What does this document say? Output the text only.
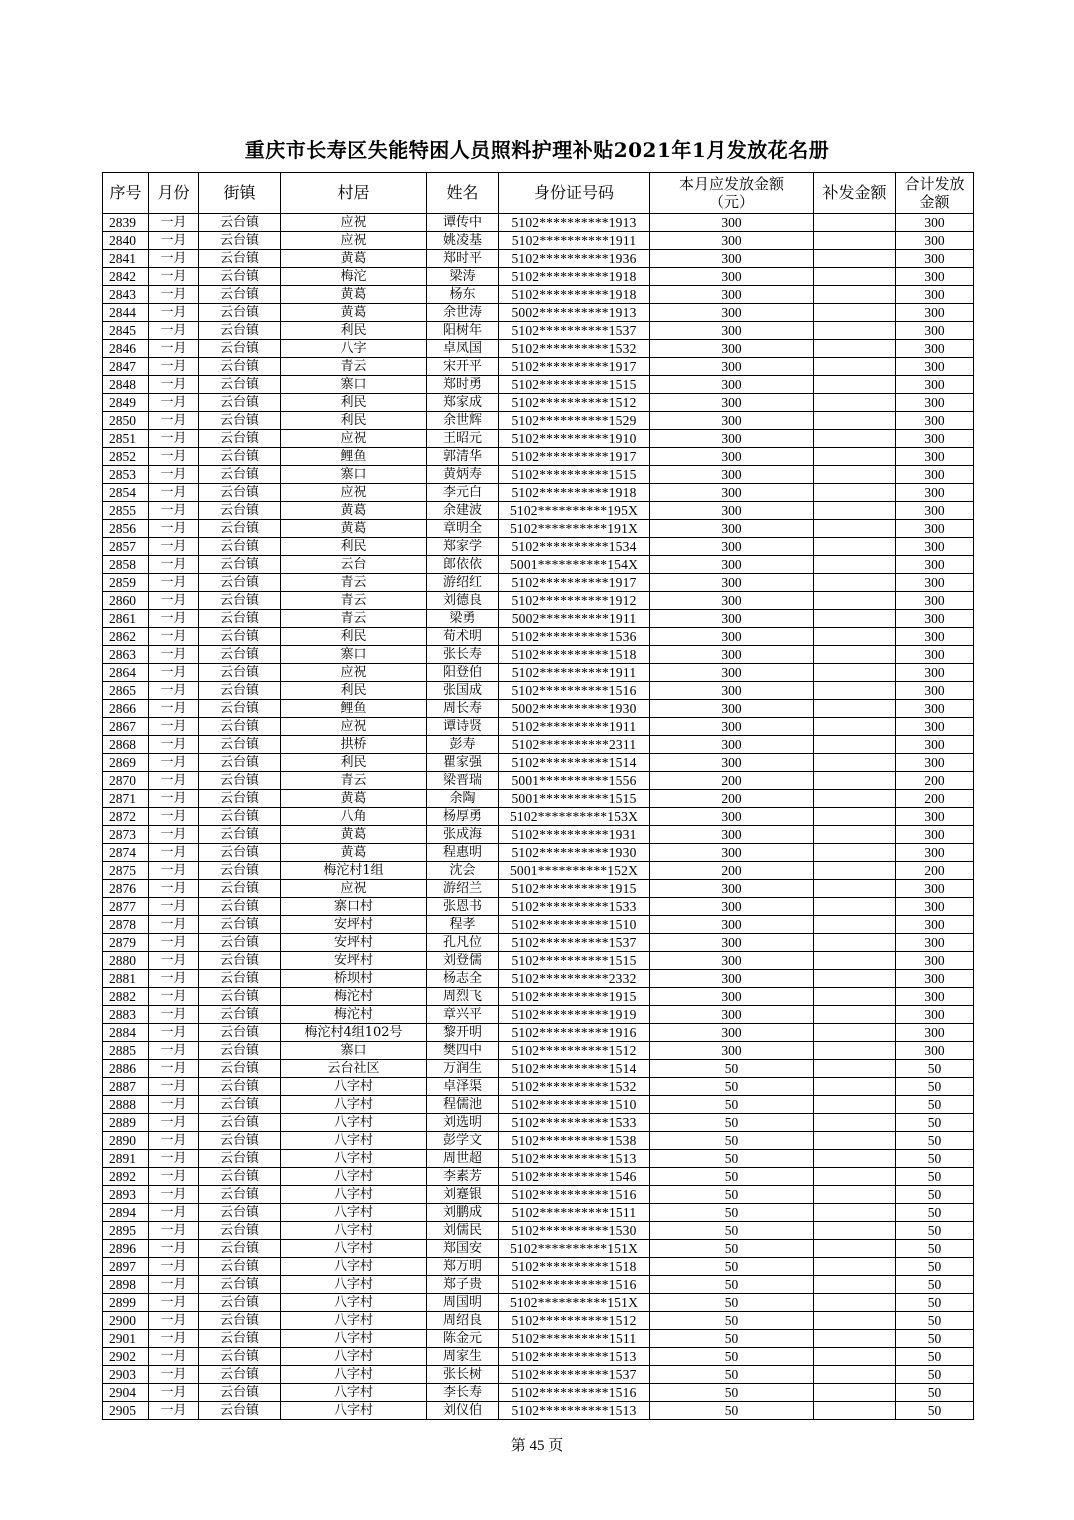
重庆市长寿区失能特困人员照料护理补贴2021年1月发放花名册
序号	月份	街镇	村居	姓名	身份证号码	本月应发放金额（元）	补发金额	合计发放金额
2839	一月	云台镇	应祝	谭传中	5102**********1913	300		300
2840	一月	云台镇	应祝	姚凌基	5102**********1911	300		300
2841	一月	云台镇	黄葛	郑时平	5102**********1936	300		300
2842	一月	云台镇	梅沱	梁涛	5102**********1918	300		300
2843	一月	云台镇	黄葛	杨东	5102**********1918	300		300
2844	一月	云台镇	黄葛	余世涛	5002**********1913	300		300
2845	一月	云台镇	利民	阳树年	5102**********1537	300		300
2846	一月	云台镇	八字	卓凤国	5102**********1532	300		300
2847	一月	云台镇	青云	宋开平	5102**********1917	300		300
2848	一月	云台镇	寨口	郑时勇	5102**********1515	300		300
2849	一月	云台镇	利民	郑家成	5102**********1512	300		300
2850	一月	云台镇	利民	余世辉	5102**********1529	300		300
2851	一月	云台镇	应祝	王昭元	5102**********1910	300		300
2852	一月	云台镇	鲤鱼	郭清华	5102**********1917	300		300
2853	一月	云台镇	寨口	黄炳寿	5102**********1515	300		300
2854	一月	云台镇	应祝	李元白	5102**********1918	300		300
2855	一月	云台镇	黄葛	余建波	5102**********195X	300		300
2856	一月	云台镇	黄葛	章明全	5102**********191X	300		300
2857	一月	云台镇	利民	郑家学	5102**********1534	300		300
2858	一月	云台镇	云台	郎依依	5001**********154X	300		300
2859	一月	云台镇	青云	游绍红	5102**********1917	300		300
2860	一月	云台镇	青云	刘德良	5102**********1912	300		300
2861	一月	云台镇	青云	梁勇	5002**********1911	300		300
2862	一月	云台镇	利民	荀术明	5102**********1536	300		300
2863	一月	云台镇	寨口	张长寿	5102**********1518	300		300
2864	一月	云台镇	应祝	阳登伯	5102**********1911	300		300
2865	一月	云台镇	利民	张国成	5102**********1516	300		300
2866	一月	云台镇	鲤鱼	周长寿	5002**********1930	300		300
2867	一月	云台镇	应祝	谭诗贤	5102**********1911	300		300
2868	一月	云台镇	拱桥	彭寿	5102**********2311	300		300
2869	一月	云台镇	利民	瞿家强	5102**********1514	300		300
2870	一月	云台镇	青云	梁晋瑞	5001**********1556	200		200
2871	一月	云台镇	黄葛	余陶	5001**********1515	200		200
2872	一月	云台镇	八角	杨厚勇	5102**********153X	300		300
2873	一月	云台镇	黄葛	张成海	5102**********1931	300		300
2874	一月	云台镇	黄葛	程惠明	5102**********1930	300		300
2875	一月	云台镇	梅沱村1组	沈会	5001**********152X	200		200
2876	一月	云台镇	应祝	游绍兰	5102**********1915	300		300
2877	一月	云台镇	寨口村	张恩书	5102**********1533	300		300
2878	一月	云台镇	安坪村	程孝	5102**********1510	300		300
2879	一月	云台镇	安坪村	孔凡位	5102**********1537	300		300
2880	一月	云台镇	安坪村	刘登儒	5102**********1515	300		300
2881	一月	云台镇	桥坝村	杨志全	5102**********2332	300		300
2882	一月	云台镇	梅沱村	周烈飞	5102**********1915	300		300
2883	一月	云台镇	梅沱村	章兴平	5102**********1919	300		300
2884	一月	云台镇	梅沱村4组102号	黎开明	5102**********1916	300		300
2885	一月	云台镇	寨口	樊四中	5102**********1512	300		300
2886	一月	云台镇	云台社区	万润生	5102**********1514	50		50
2887	一月	云台镇	八字村	卓泽渠	5102**********1532	50		50
2888	一月	云台镇	八字村	程儒池	5102**********1510	50		50
2889	一月	云台镇	八字村	刘选明	5102**********1533	50		50
2890	一月	云台镇	八字村	彭学文	5102**********1538	50		50
2891	一月	云台镇	八字村	周世超	5102**********1513	50		50
2892	一月	云台镇	八字村	李素芳	5102**********1546	50		50
2893	一月	云台镇	八字村	刘蹇银	5102**********1516	50		50
2894	一月	云台镇	八字村	刘鹏成	5102**********1511	50		50
2895	一月	云台镇	八字村	刘儒民	5102**********1530	50		50
2896	一月	云台镇	八字村	郑国安	5102**********151X	50		50
2897	一月	云台镇	八字村	郑万明	5102**********1518	50		50
2898	一月	云台镇	八字村	郑子贵	5102**********1516	50		50
2899	一月	云台镇	八字村	周国明	5102**********151X	50		50
2900	一月	云台镇	八字村	周绍良	5102**********1512	50		50
2901	一月	云台镇	八字村	陈金元	5102**********1511	50		50
2902	一月	云台镇	八字村	周家生	5102**********1513	50		50
2903	一月	云台镇	八字村	张长树	5102**********1537	50		50
2904	一月	云台镇	八字村	李长寿	5102**********1516	50		50
2905	一月	云台镇	八字村	刘仪伯	5102**********1513	50		50
第 45 页
